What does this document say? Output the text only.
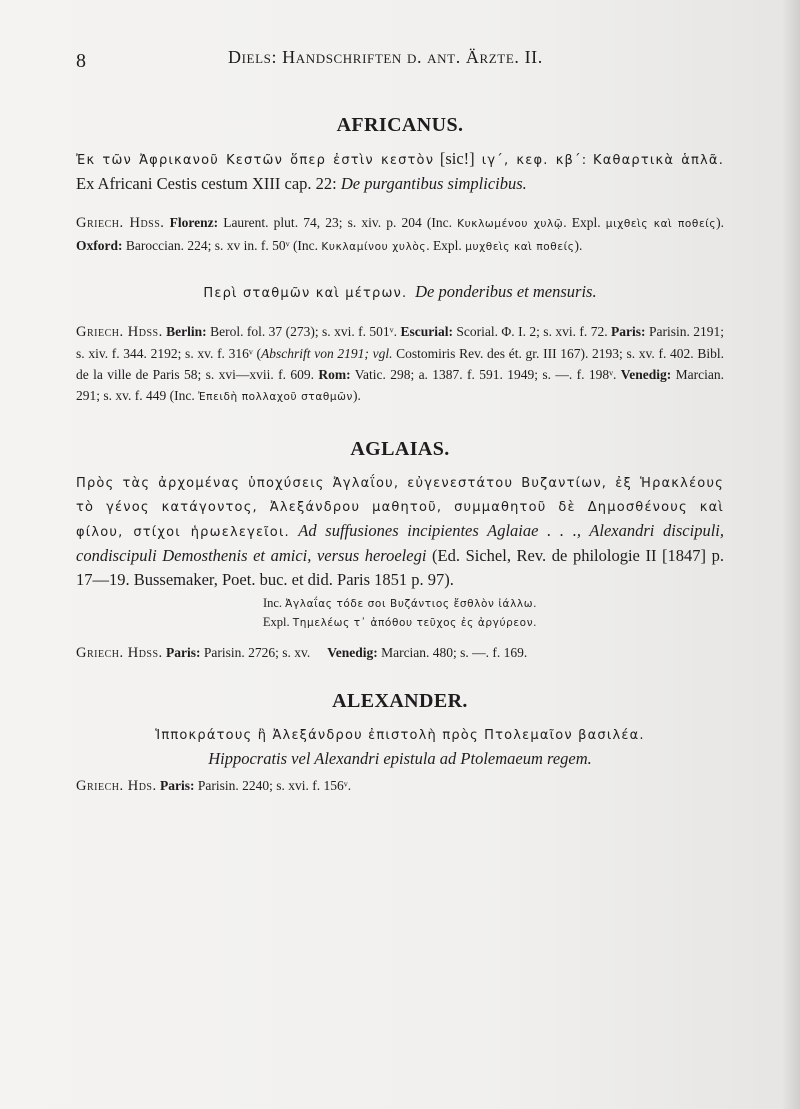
8	Diels: Handschriften d. ant. Ärzte. II.
AFRICANUS.

Ἐκ τῶν Ἀφρικανοῦ Κεστῶν ὅπερ ἐστὶν κεστὸν [sic!] ιγ΄, κεφ. κβ΄: Καθαρτικὰ ἁπλᾶ. Ex Africani Cestis cestum XIII cap. 22: De purgantibus simplicibus.

Griech. Hdss. Florenz: Laurent. plut. 74, 23; s. xiv. p. 204 (Inc. Κυκλωμένου χυλῷ. Expl. μιχθεὶς καὶ ποθείς). Oxford: Baroccian. 224; s. xv in. f. 50ᵛ (Inc. Κυκλαμίνου χυλὸς. Expl. μυχθεὶς καὶ ποθείς).

Περὶ σταθμῶν καὶ μέτρων. De ponderibus et mensuris.

Griech. Hdss. Berlin: Berol. fol. 37 (273); s. xvi. f. 501ᵛ. Escurial: Scorial. Φ. I. 2; s. xvi. f. 72. Paris: Parisin. 2191; s. xiv. f. 344. 2192; s. xv. f. 316ᵛ (Abschrift von 2191; vgl. Costomiris Rev. des ét. gr. III 167). 2193; s. xv. f. 402. Bibl. de la ville de Paris 58; s. xvi—xvii. f. 609. Rom: Vatic. 298; a. 1387. f. 591. 1949; s. —. f. 198ᵛ. Venedig: Marcian. 291; s. xv. f. 449 (Inc. Ἐπειδὴ πολλαχοῦ σταθμῶν).

AGLAIAS.

Πρὸς τὰς ἀρχομένας ὑποχύσεις Ἀγλαΐου, εὐγενεστάτου Βυζαντίων, ἐξ Ἡρακλέους τὸ γένος κατάγοντος, Ἀλεξάνδρου μαθητοῦ, συμμαθητοῦ δὲ Δημοσθένους καὶ φίλου, στίχοι ἡρωελεγεῖοι. Ad suffusiones incipientes Aglaiae . . ., Alexandri discipuli, condiscipuli Demosthenis et amici, versus heroelegi (Ed. Sichel, Rev. de philologie II [1847] p. 17—19. Bussemaker, Poet. buc. et did. Paris 1851 p. 97).

Inc. Ἀγλαΐας τόδε σοι Βυζάντιος ἔσθλὸν ἰάλλω.
Expl. Τημελέως τ᾽ ἀπόθου τεῦχος ἐς ἀργύρεον.

Griech. Hdss. Paris: Parisin. 2726; s. xv. Venedig: Marcian. 480; s. —. f. 169.

ALEXANDER.

Ἱπποκράτους ἢ Ἀλεξάνδρου ἐπιστολὴ πρὸς Πτολεμαῖον βασιλέα.

Hippocratis vel Alexandri epistula ad Ptolemaeum regem.

Griech. Hds. Paris: Parisin. 2240; s. xvi. f. 156ᵛ.
